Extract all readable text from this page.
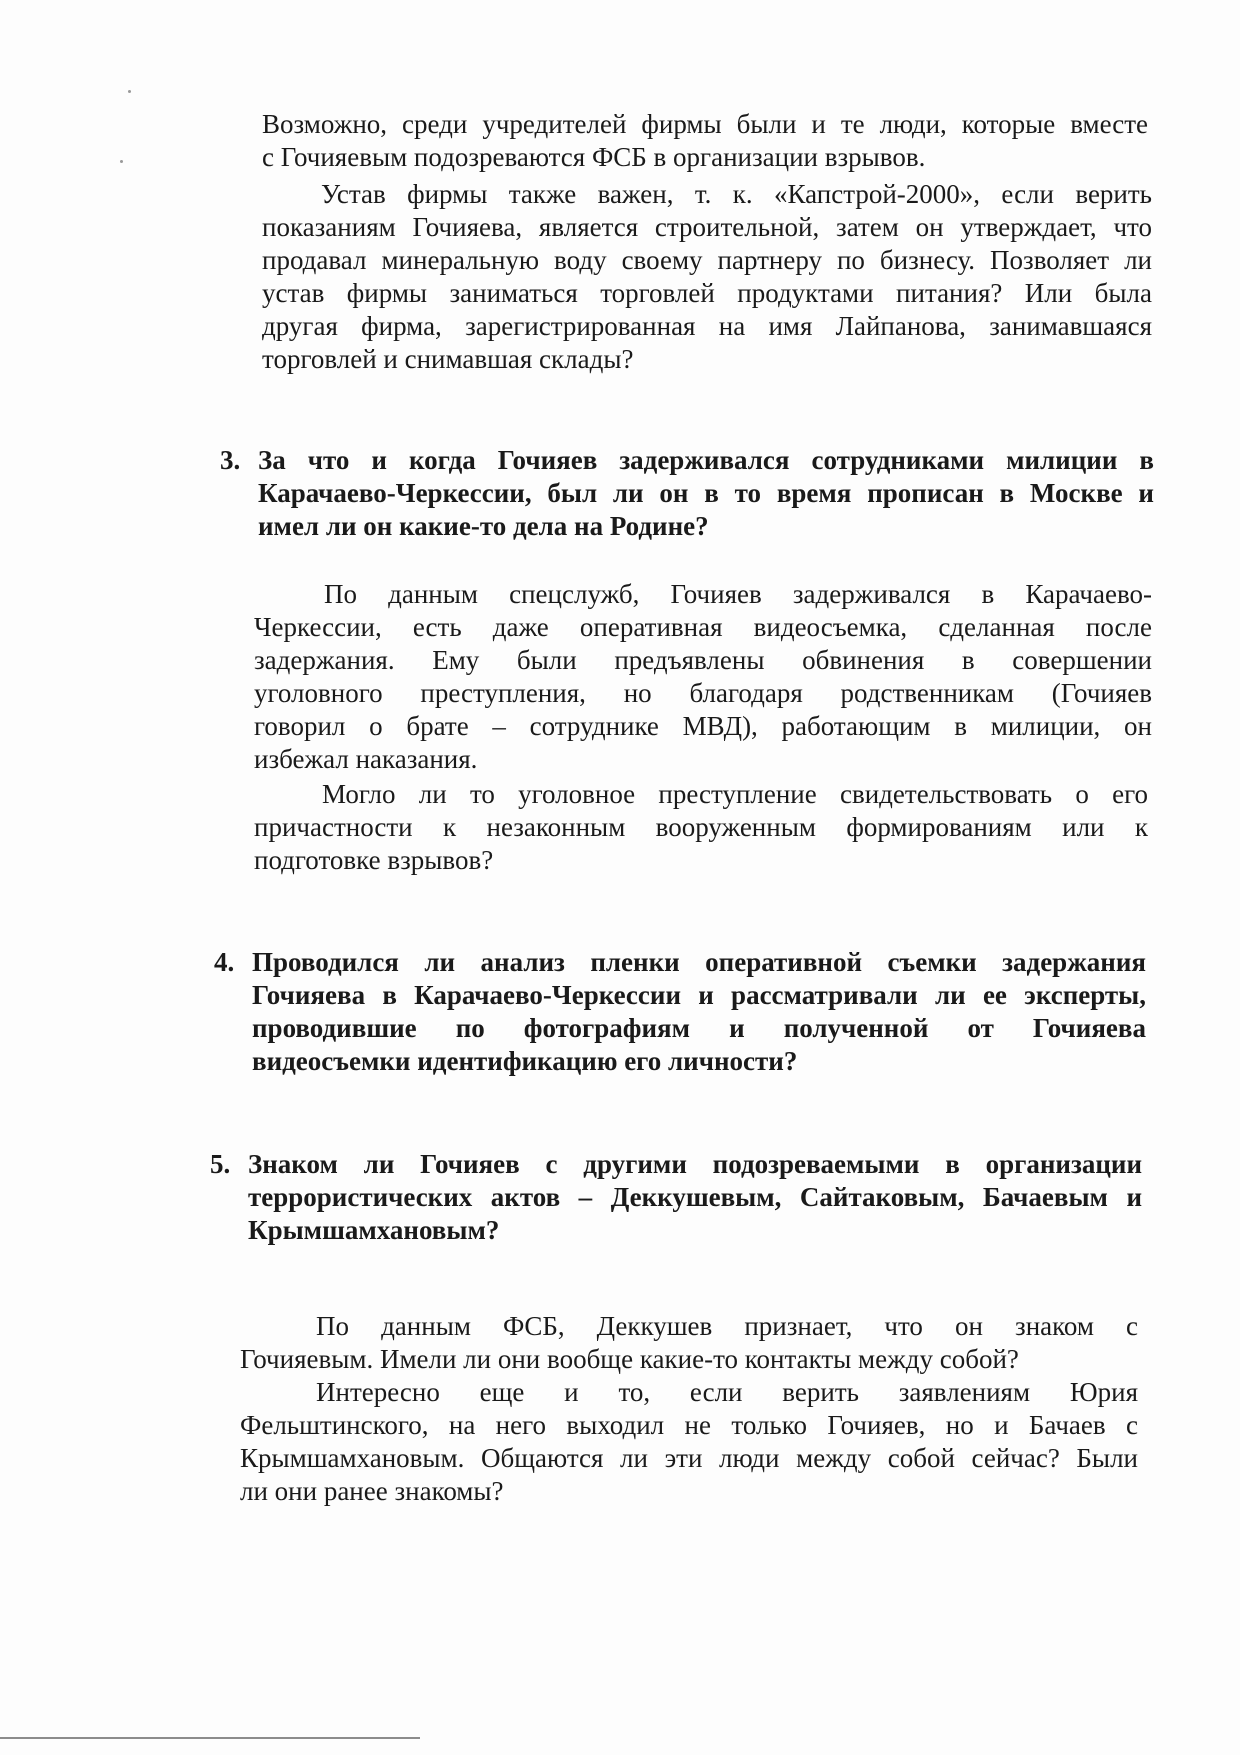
Возможно, среди учредителей фирмы были и те люди, которые вместе
с Гочияевым подозреваются ФСБ в организации взрывов.
Устав фирмы также важен, т. к. «Капстрой-2000», если верить
показаниям Гочияева, является строительной, затем он утверждает, что
продавал минеральную воду своему партнеру по бизнесу. Позволяет ли
устав фирмы заниматься торговлей продуктами питания? Или была
другая фирма, зарегистрированная на имя Лайпанова, занимавшаяся
торговлей и снимавшая склады?
3. За что и когда Гочияев задерживался сотрудниками милиции в
Карачаево-Черкессии, был ли он в то время прописан в Москве и
имел ли он какие-то дела на Родине?
По данным спецслужб, Гочияев задерживался в Карачаево-
Черкессии, есть даже оперативная видеосъемка, сделанная после
задержания. Ему были предъявлены обвинения в совершении
уголовного преступления, но благодаря родственникам (Гочияев
говорил о брате – сотруднике МВД), работающим в милиции, он
избежал наказания.
Могло ли то уголовное преступление свидетельствовать о его
причастности к незаконным вооруженным формированиям или к
подготовке взрывов?
4. Проводился ли анализ пленки оперативной съемки задержания
Гочияева в Карачаево-Черкессии и рассматривали ли ее эксперты,
проводившие по фотографиям и полученной от Гочияева
видеосъемки идентификацию его личности?
5. Знаком ли Гочияев с другими подозреваемыми в организации
террористических актов – Деккушевым, Сайтаковым, Бачаевым и
Крымшамхановым?
По данным ФСБ, Деккушев признает, что он знаком с
Гочияевым. Имели ли они вообще какие-то контакты между собой?
Интересно еще и то, если верить заявлениям Юрия
Фельштинского, на него выходил не только Гочияев, но и Бачаев с
Крымшамхановым. Общаются ли эти люди между собой сейчас? Были
ли они ранее знакомы?
